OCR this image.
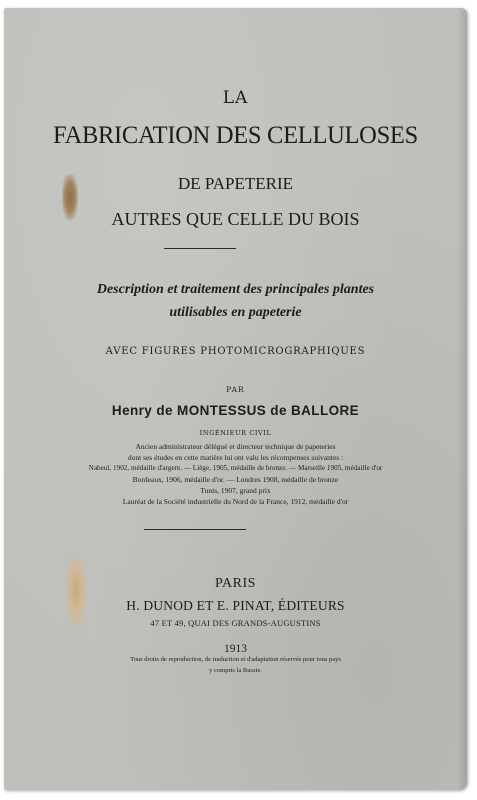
LA
FABRICATION DES CELLULOSES
DE PAPETERIE
AUTRES QUE CELLE DU BOIS
Description et traitement des principales plantes
utilisables en papeterie
AVEC FIGURES PHOTOMICROGRAPHIQUES
PAR
Henry de MONTESSUS de BALLORE
INGÉNIEUR CIVIL
Ancien administrateur délégué et directeur technique de papeteries
dont ses études en cette matière lui ont valu les récompenses suivantes :
Nabeul, 1902, médaille d'argent. — Liège, 1905, médaille de bronze. — Marseille 1905, médaille d'or
Bordeaux, 1906, médaille d'or. — Londres 1908, médaille de bronze
Tunis, 1907, grand prix
Lauréat de la Société industrielle du Nord de la France, 1912, médaille d'or
PARIS
H. DUNOD ET E. PINAT, ÉDITEURS
47 ET 49, QUAI DES GRANDS-AUGUSTINS
1913
Tous droits de reproduction, de traduction et d'adaptation réservés pour tous pays
y compris la Russie.
